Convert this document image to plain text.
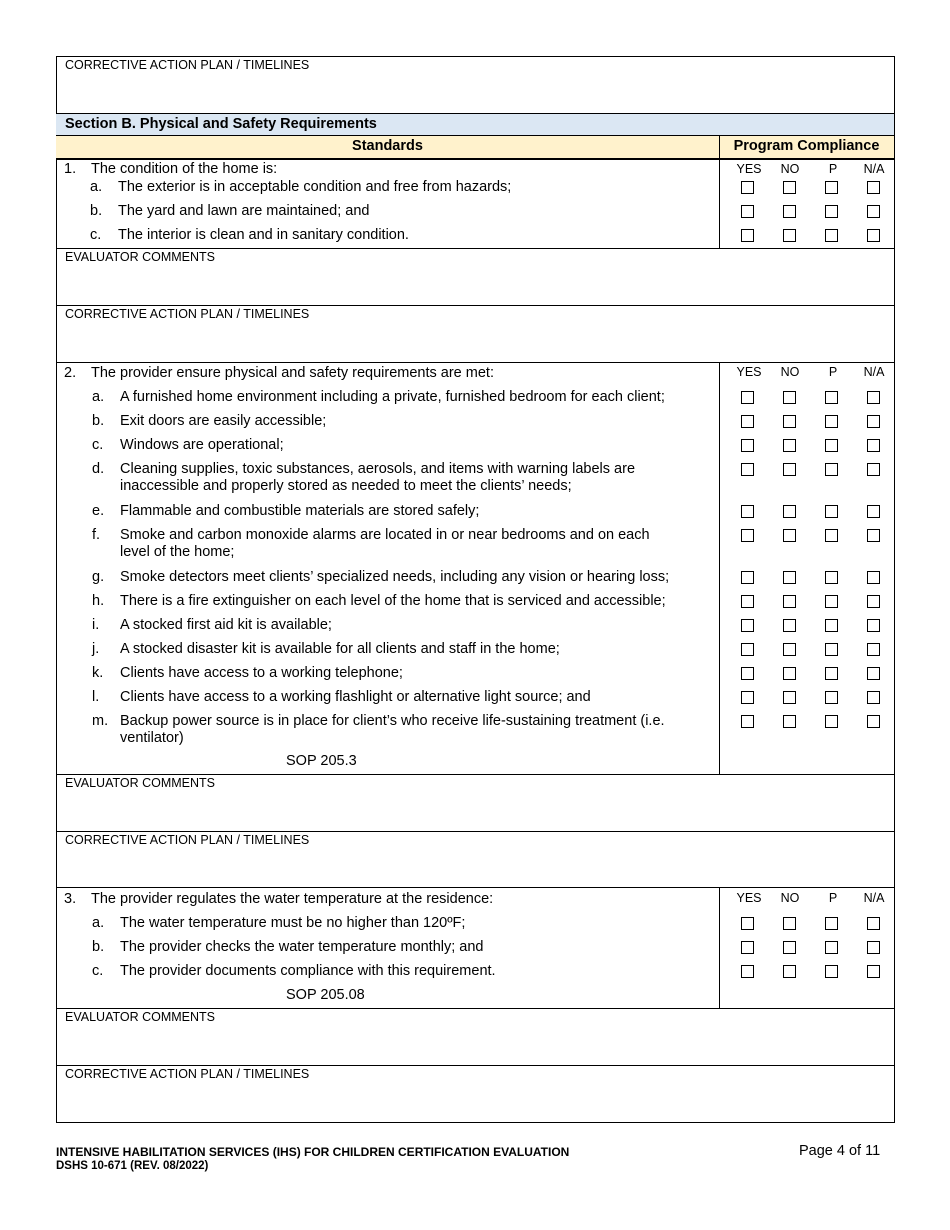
CORRECTIVE ACTION PLAN / TIMELINES
Section B. Physical and Safety Requirements
Standards	Program Compliance
1. The condition of the home is:	YES	NO	P	N/A
a. The exterior is in acceptable condition and free from hazards;
b. The yard and lawn are maintained; and
c. The interior is clean and in sanitary condition.
EVALUATOR COMMENTS
CORRECTIVE ACTION PLAN / TIMELINES
2. The provider ensure physical and safety requirements are met:	YES	NO	P	N/A
a. A furnished home environment including a private, furnished bedroom for each client;
b. Exit doors are easily accessible;
c. Windows are operational;
d. Cleaning supplies, toxic substances, aerosols, and items with warning labels are
inaccessible and properly stored as needed to meet the clients’ needs;
e. Flammable and combustible materials are stored safely;
f. Smoke and carbon monoxide alarms are located in or near bedrooms and on each
level of the home;
g. Smoke detectors meet clients’ specialized needs, including any vision or hearing loss;
h. There is a fire extinguisher on each level of the home that is serviced and accessible;
i. A stocked first aid kit is available;
j. A stocked disaster kit is available for all clients and staff in the home;
k. Clients have access to a working telephone;
l. Clients have access to a working flashlight or alternative light source; and
m. Backup power source is in place for client’s who receive life-sustaining treatment (i.e.
ventilator)
SOP 205.3
EVALUATOR COMMENTS
CORRECTIVE ACTION PLAN / TIMELINES
3. The provider regulates the water temperature at the residence:	YES	NO	P	N/A
a. The water temperature must be no higher than 120ºF;
b. The provider checks the water temperature monthly; and
c. The provider documents compliance with this requirement.
SOP 205.08
EVALUATOR COMMENTS
CORRECTIVE ACTION PLAN / TIMELINES
INTENSIVE HABILITATION SERVICES (IHS) FOR CHILDREN CERTIFICATION EVALUATION
DSHS 10-671 (REV. 08/2022)
Page 4 of 11
